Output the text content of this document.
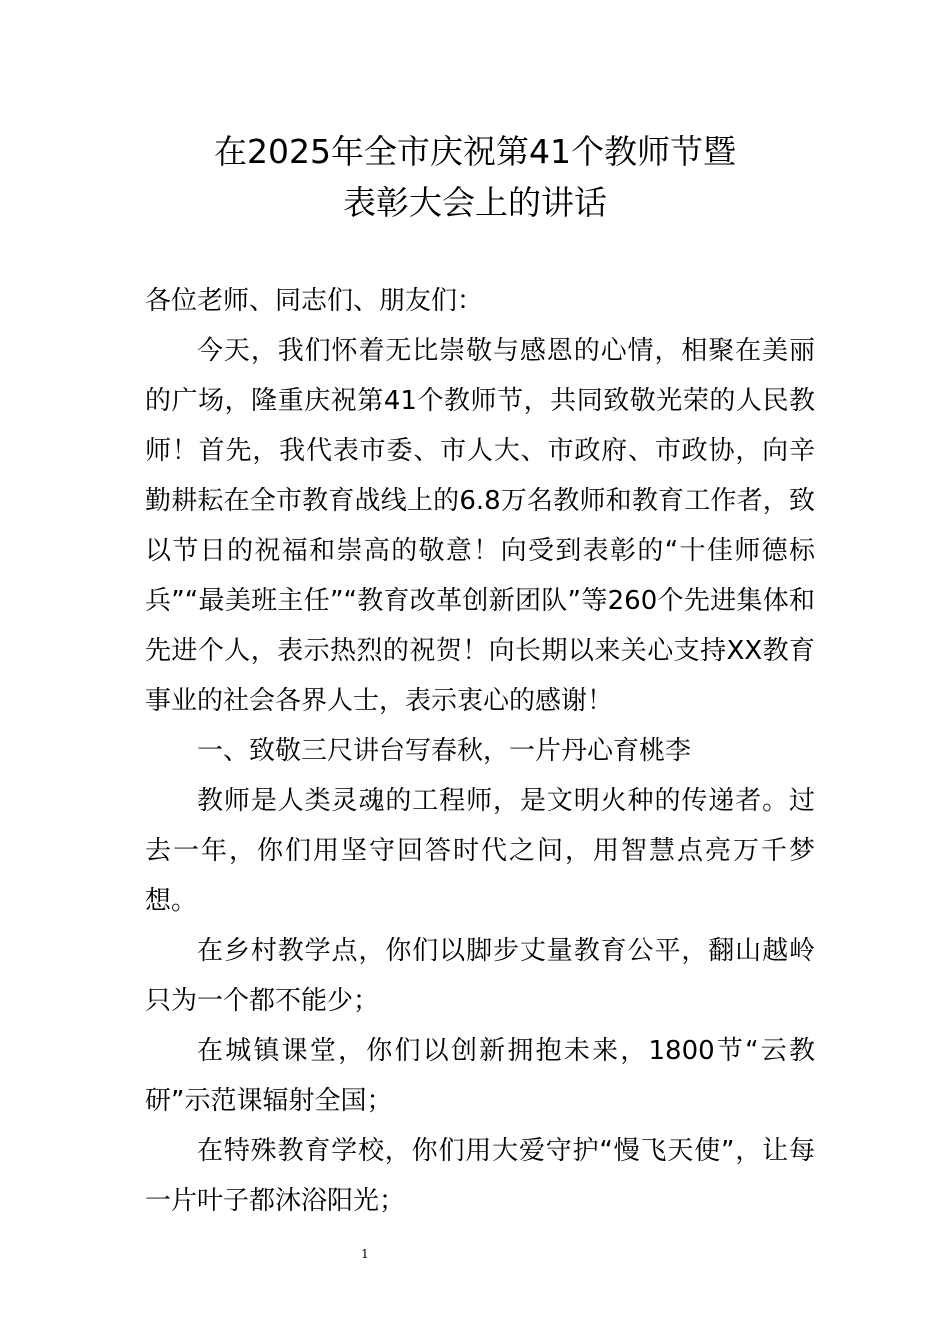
在2025年全市庆祝第41个教师节暨
表彰大会上的讲话

各位老师、同志们、朋友们：

今天，我们怀着无比崇敬与感恩的心情，相聚在美丽的广场，隆重庆祝第41个教师节，共同致敬光荣的人民教师！首先，我代表市委、市人大、市政府、市政协，向辛勤耕耘在全市教育战线上的6.8万名教师和教育工作者，致以节日的祝福和崇高的敬意！向受到表彰的“十佳师德标兵”“最美班主任”“教育改革创新团队”等260个先进集体和先进个人，表示热烈的祝贺！向长期以来关心支持XX教育事业的社会各界人士，表示衷心的感谢！

一、致敬三尺讲台写春秋，一片丹心育桃李

教师是人类灵魂的工程师，是文明火种的传递者。过去一年，你们用坚守回答时代之问，用智慧点亮万千梦想。

在乡村教学点，你们以脚步丈量教育公平，翻山越岭只为一个都不能少；

在城镇课堂，你们以创新拥抱未来，1800节“云教研”示范课辐射全国；

在特殊教育学校，你们用大爱守护“慢飞天使”，让每一片叶子都沐浴阳光；

1
